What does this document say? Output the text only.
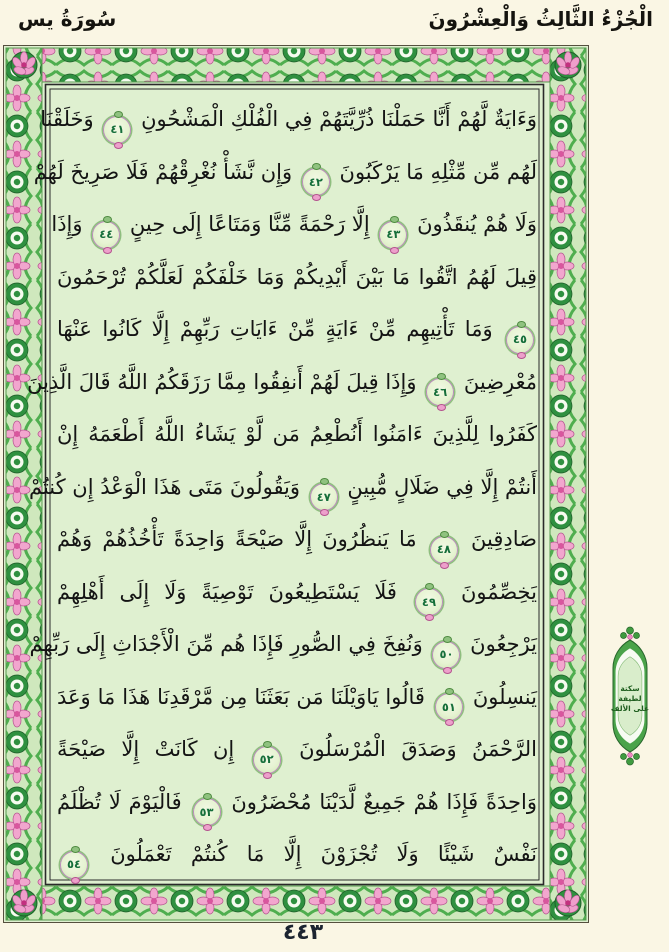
الْجُزْءُ الثَّالِثُ وَالْعِشْرُونَ
سُورَةُ يس
وَءَايَةٌ لَّهُمْ أَنَّا حَمَلْنَا ذُرِّيَّتَهُمْ فِي الْفُلْكِ الْمَشْحُونِ ٤١ وَخَلَقْنَا
لَهُم مِّن مِّثْلِهِ مَا يَرْكَبُونَ ٤٢ وَإِن نَّشَأْ نُغْرِقْهُمْ فَلَا صَرِيخَ لَهُمْ
وَلَا هُمْ يُنقَذُونَ ٤٣ إِلَّا رَحْمَةً مِّنَّا وَمَتَاعًا إِلَى حِينٍ ٤٤ وَإِذَا
قِيلَ لَهُمُ اتَّقُوا مَا بَيْنَ أَيْدِيكُمْ وَمَا خَلْفَكُمْ لَعَلَّكُمْ تُرْحَمُونَ
٤٥ وَمَا تَأْتِيهِم مِّنْ ءَايَةٍ مِّنْ ءَايَاتِ رَبِّهِمْ إِلَّا كَانُوا عَنْهَا
مُعْرِضِينَ ٤٦ وَإِذَا قِيلَ لَهُمْ أَنفِقُوا مِمَّا رَزَقَكُمُ اللَّهُ قَالَ الَّذِينَ
كَفَرُوا لِلَّذِينَ ءَامَنُوا أَنُطْعِمُ مَن لَّوْ يَشَاءُ اللَّهُ أَطْعَمَهُ إِنْ
أَنتُمْ إِلَّا فِي ضَلَالٍ مُّبِينٍ ٤٧ وَيَقُولُونَ مَتَى هَذَا الْوَعْدُ إِن كُنتُمْ
صَادِقِينَ ٤٨ مَا يَنظُرُونَ إِلَّا صَيْحَةً وَاحِدَةً تَأْخُذُهُمْ وَهُمْ
يَخِصِّمُونَ ٤٩ فَلَا يَسْتَطِيعُونَ تَوْصِيَةً وَلَا إِلَى أَهْلِهِمْ
يَرْجِعُونَ ٥٠ وَنُفِخَ فِي الصُّورِ فَإِذَا هُم مِّنَ الْأَجْدَاثِ إِلَى رَبِّهِمْ
يَنسِلُونَ ٥١ قَالُوا يَاوَيْلَنَا مَن بَعَثَنَا مِن مَّرْقَدِنَا هَذَا مَا وَعَدَ
الرَّحْمَنُ وَصَدَقَ الْمُرْسَلُونَ ٥٢ إِن كَانَتْ إِلَّا صَيْحَةً
وَاحِدَةً فَإِذَا هُمْ جَمِيعٌ لَّدَيْنَا مُحْضَرُونَ ٥٣ فَالْيَوْمَ لَا تُظْلَمُ
نَفْسٌ شَيْئًا وَلَا تُجْزَوْنَ إِلَّا مَا كُنتُمْ تَعْمَلُونَ ٥٤
سكتة لطيفة
على الألف
٤٤٣
